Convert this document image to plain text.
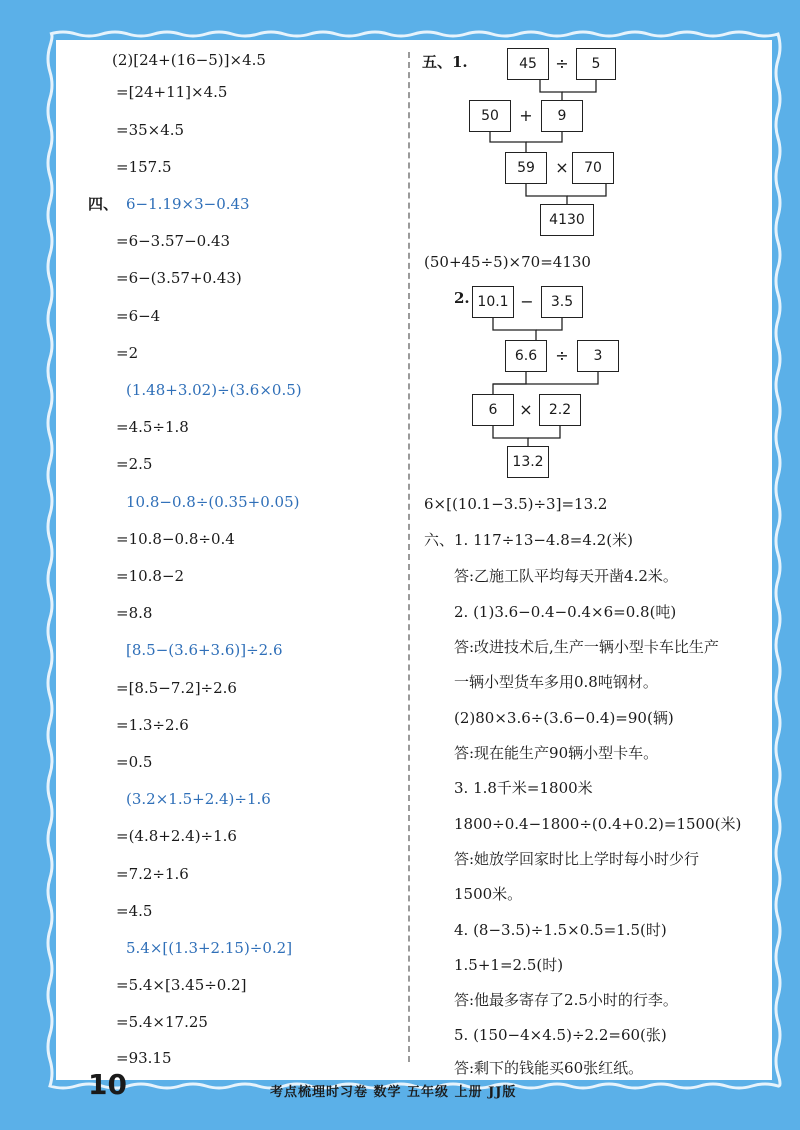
(2)[24+(16−5)]×4.5
=[24+11]×4.5
=35×4.5
=157.5
四、 6−1.19×3−0.43
=6−3.57−0.43
=6−(3.57+0.43)
=6−4
=2
(1.48+3.02)÷(3.6×0.5)
=4.5÷1.8
=2.5
10.8−0.8÷(0.35+0.05)
=10.8−0.8÷0.4
=10.8−2
=8.8
[8.5−(3.6+3.6)]÷2.6
=[8.5−7.2]÷2.6
=1.3÷2.6
=0.5
(3.2×1.5+2.4)÷1.6
=(4.8+2.4)÷1.6
=7.2÷1.6
=4.5
5.4×[(1.3+2.15)÷0.2]
=5.4×[3.45÷0.2]
=5.4×17.25
=93.15
五、1.	45	÷	5
50	+	9
59	×	70
4130
(50+45÷5)×70=4130
2. 10.1 −	3.5
6.6	÷	3
6	×	2.2
13.2
6×[(10.1−3.5)÷3]=13.2
六、1. 117÷13−4.8=4.2(米)
答:乙施工队平均每天开凿4.2米。
2. (1)3.6−0.4−0.4×6=0.8(吨)
答:改进技术后,生产一辆小型卡车比生产
一辆小型货车多用0.8吨钢材。
(2)80×3.6÷(3.6−0.4)=90(辆)
答:现在能生产90辆小型卡车。
3. 1.8千米=1800米
1800÷0.4−1800÷(0.4+0.2)=1500(米)
答:她放学回家时比上学时每小时少行
1500米。
4. (8−3.5)÷1.5×0.5=1.5(时)
1.5+1=2.5(时)
答:他最多寄存了2.5小时的行李。
5. (150−4×4.5)÷2.2=60(张)
答:剩下的钱能买60张红纸。
10	考点梳理时习卷 数学 五年级 上册 JJ版
